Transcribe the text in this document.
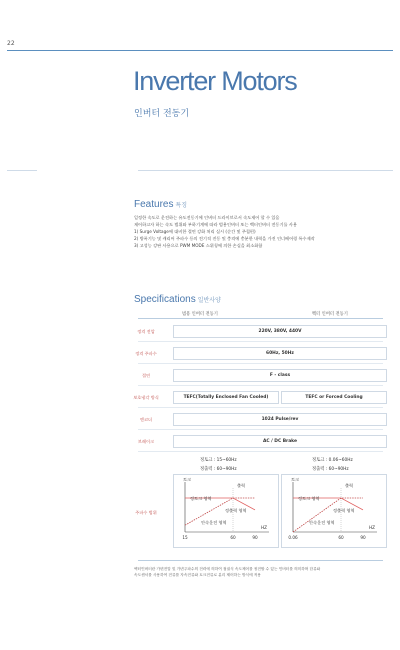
22
Inverter Motors
인버터 전동기
Features 특징
일정한 속도로 운전하는 유도전동기에 인버터 드라이브로서 속도제어 할 수 있음
제어하고자 하는 속도 범위와 부하기계에 따라 범용인버터 또는 벡터인버터 전동기를 사용
1) Surge Voltage에 대비한 절연 강화 처리 실시 (순간 및 주철편)
2) 방폭기능 및 캐리어 주파수 등의 전기적 진동 및 충격에 충분한 내력을 가진 인너베어링 특수제작
3) 고성능 강판 사용으로 PWM MODE 스위칭에 의한 손실을 최소화함
Specifications 일반사양
범용 인버터 전동기	벡터 인버터 전동기
정격 전압	220V, 380V, 440V
정격 주파수	60Hz, 50Hz
절연	F - class
보호냉각 방식	TEFC(Totally Enclosed Fan Cooled)	TEFC or Forced Cooling
엔코더	1024 Pulse/rev
브레이크	AC / DC Brake
주파수 범위
정토크 : 15~60Hz
정출력 : 60~90Hz
정토크 : 0.06~60Hz
정출력 : 60~90Hz
토크
HZ
15	60	90
출력
정토크 영역
정출력 영역
안속운전 영역
토크
HZ
0.06	60	90
출력
정토크 영역
정출력 영역
안속운전 영역
벡터인버터란 가변전압 및 가변주파수의 전력에 의하여 접권식 속도제어를 정전할 수 있는 인버터를 의미하며 한류와
속도센서를 사용하여 전류를 자속전류와 토크전류로 분리 제어하는 방식에 적용
